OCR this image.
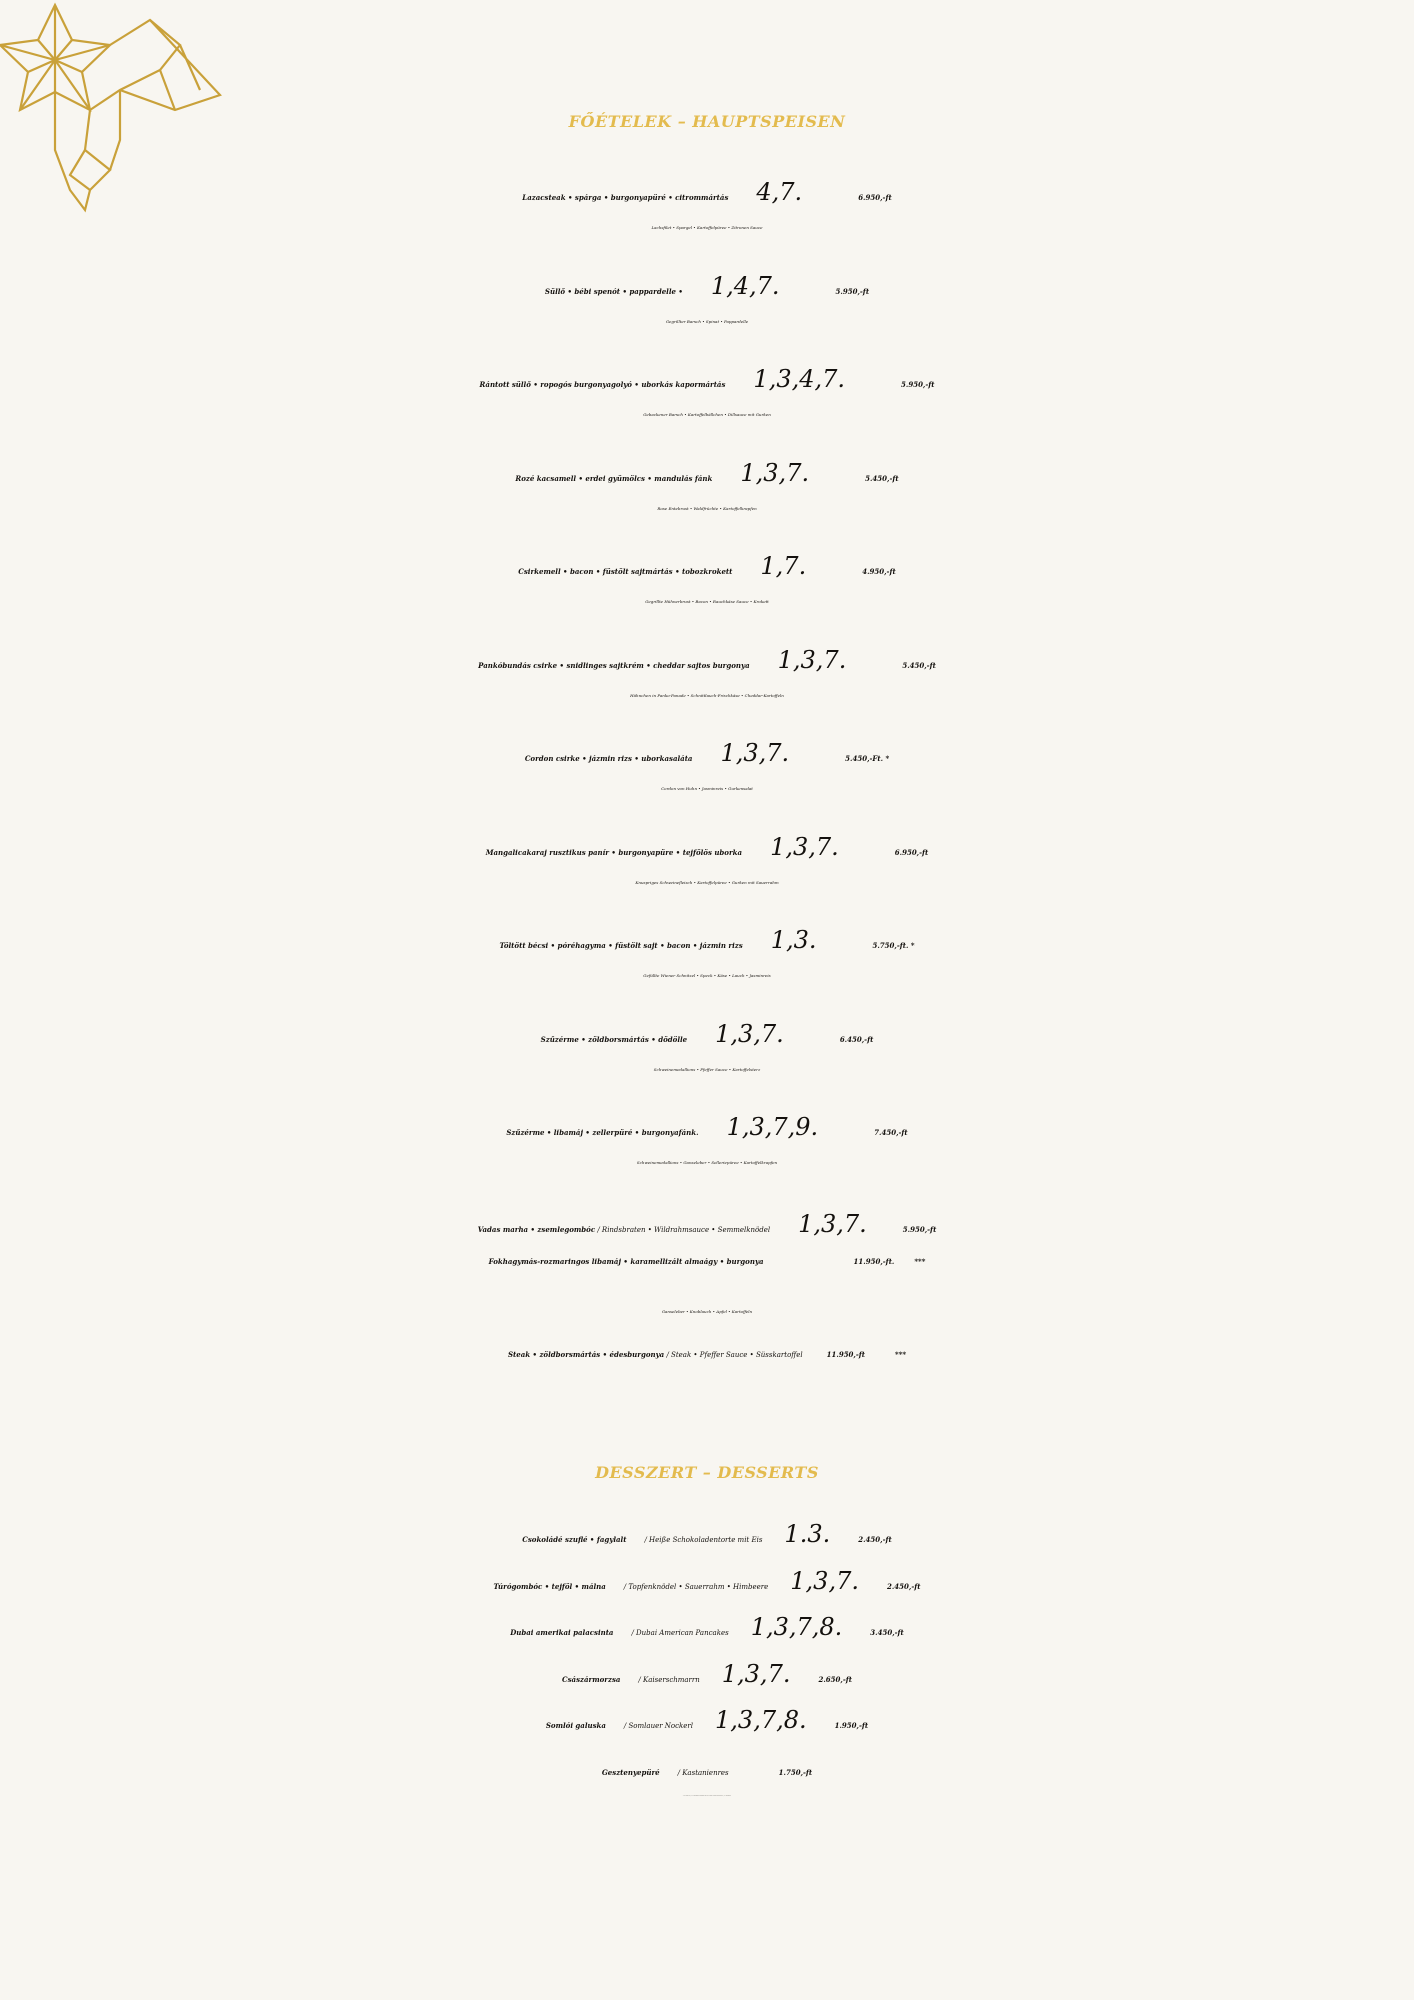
FŐÉTELEK – HAUPTSPEISEN
Lazacsteak • spárga • burgonyapüré • citrommártás 4,7.	6.950,-ft
Lachsfilet • Spargel • Kartoffelpüree • Zitronen Sauce
Süllő • bébi spenót • pappardelle • 1,4,7.	5.950,-ft
Gegrillter Barsch • Spinat • Pappardelle
Rántott süllő • ropogós burgonyagolyó • uborkás kapormártás 1,3,4,7.	5.950,-ft
Gebackener Barsch • Kartoffelbällchen • Dillsauce mit Gurken
Rozé kacsamell • erdei gyümölcs • mandulás fánk 1,3,7.	5.450,-ft
Rose Entebrust • Waldfrüchte • Kartoffelkrapfen
Csirkemell • bacon • füstölt sajtmártás • tobozkrokett 1,7.	4.950,-ft
Gegrillte Hühnerbrust • Bacon • Rauchkäse Sauce • Krokett
Pankóbundás csirke • snidlinges sajtkrém • cheddar sajtos burgonya 1,3,7.	5.450,-ft
Hähnchen in Panko-Panade • Schnittlauch-Frischkäse • Cheddar-Kartoffeln
Cordon csirke • jázmin rizs • uborkasaláta 1,3,7.	5.450,-Ft. *
Cordon von Huhn • Jasminreis • Gurkensalat
Mangalicakaraj rusztikus panír • burgonyapüre • tejfölös uborka 1,3,7.	6.950,-ft
Knuspriges Schweinefleisch • Kartoffelpüree • Gurken mit Sauerrahm
Töltött bécsi • póréhagyma • füstölt sajt • bacon • jázmin rizs 1,3.	5.750,-ft. *
Gefüllte Wiener Schnitzel • Speck • Käse • Lauch • Jasminreis
Szűzérme • zöldborsmártás • dödölle 1,3,7.	6.450,-ft
Schweinemedallions • Pfeffer Sauce • Kartoffelsterz
Szűzérme • libamáj • zellerpüré • burgonyafánk. 1,3,7,9.	7.450,-ft
Schweinemedallions • Ganseleber • Selleriepüree • Kartoffelkrapfen
Vadas marha • zsemlegombóc / Rindsbraten • Wildrahmsauce • Semmelknödel 1,3,7.	5.950,-ft
Fokhagymás-rozmaringos libamáj • karamellizált almaágy • burgonya	11.950,-ft.	***
Ganseleber • Knoblauch • Apfel • Kartoffeln
Steak • zöldborsmártás • édesburgonya / Steak • Pfeffer Sauce • Süsskartoffel	11.950,-ft	***
DESSZERT – DESSERTS
Csokoládé szuflé • fagylalt	/ Heiße Schokoladentorte mit Eis 1.3.	2.450,-ft
Túrógombóc • tejföl • málna	/ Topfenknödel • Sauerrahm • Himbeere 1,3,7.	2.450,-ft
Dubai amerikai palacsinta	/ Dubai American Pancakes 1,3,7,8.	3.450,-ft
Császármorzsa	/ Kaiserschmarrn 1,3,7.	2.650,-ft
Somlói galuska	/ Somlauer Nockerl 1,3,7,8.	1.950,-ft
Gesztenyepüré	/ Kastanienres	1.750,-ft
* Kis adag étel / *** Félpanziós vendégeink az ételt 5.000ft felárral rendelhetik / * * Régiós étel
